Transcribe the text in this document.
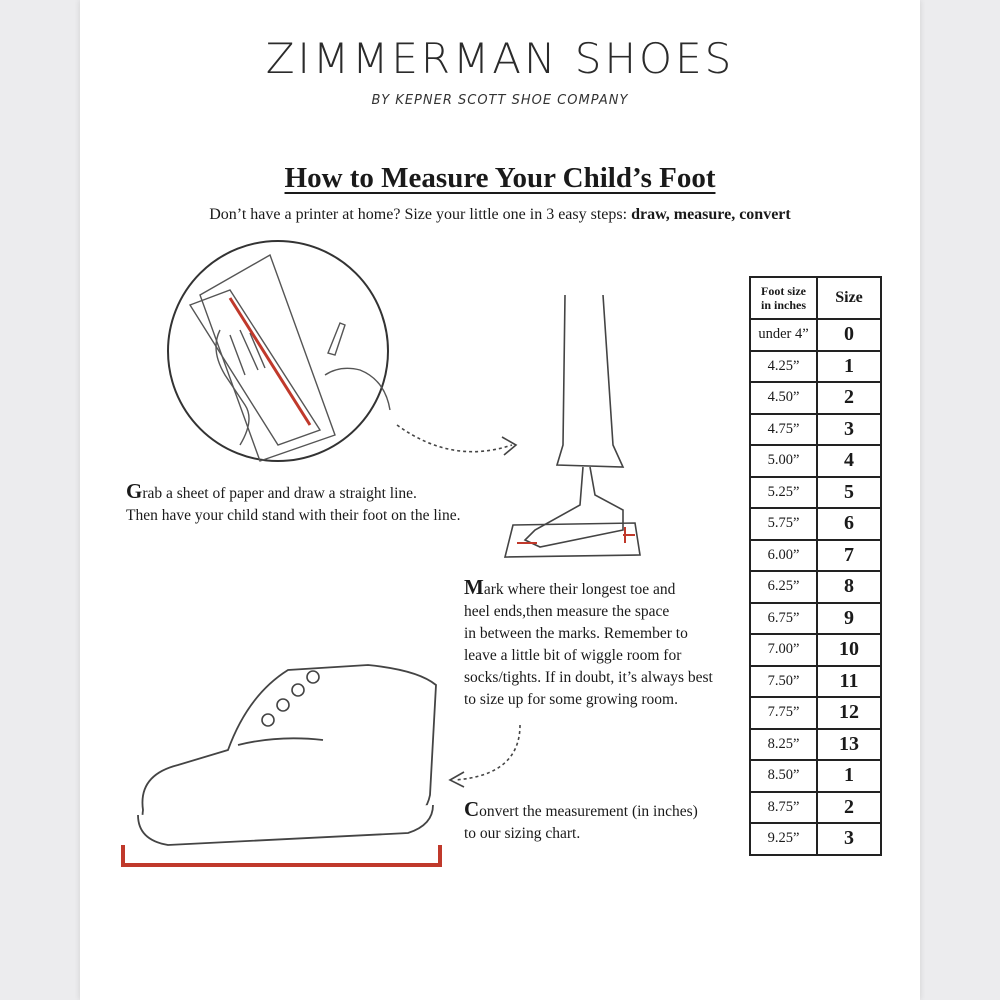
ZIMMERMAN SHOES
BY KEPNER SCOTT SHOE COMPANY
How to Measure Your Child’s Foot
Don’t have a printer at home? Size your little one in 3 easy steps: draw, measure, convert
Grab a sheet of paper and draw a straight line.
Then have your child stand with their foot on the line.
Mark where their longest toe and
heel ends,then measure the space
in between the marks. Remember to
leave a little bit of wiggle room for
socks/tights. If in doubt, it’s always best
to size up for some growing room.
Convert the measurement (in inches)
to our sizing chart.
Foot size
in inches	Size
under 4”	0
4.25”	1
4.50”	2
4.75”	3
5.00”	4
5.25”	5
5.75”	6
6.00”	7
6.25”	8
6.75”	9
7.00”	10
7.50”	11
7.75”	12
8.25”	13
8.50”	1
8.75”	2
9.25”	3
